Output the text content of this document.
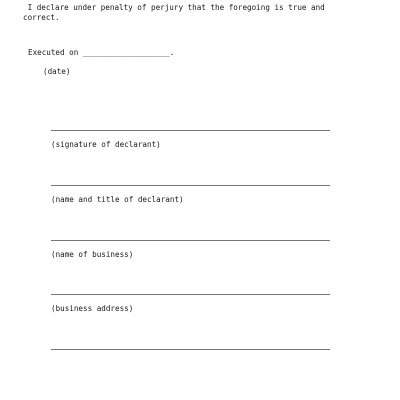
I declare under penalty of perjury that the foregoing is true and
correct.

Executed on ___________________.
(date)
(signature of declarant)
(name and title of declarant)
(name of business)
(business address)
